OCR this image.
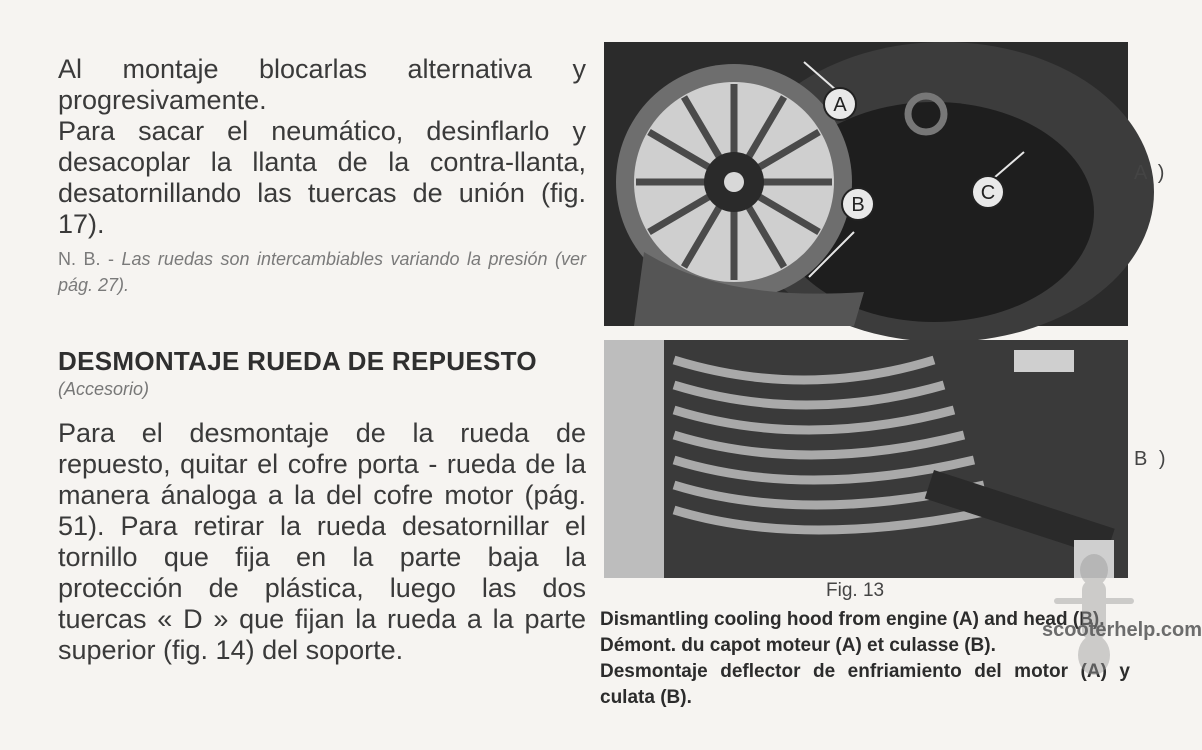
Al montaje blocarlas alternativa y progresivamente.

Para sacar el neumático, desinflarlo y desacoplar la llanta de la contra-llanta, desatornillando las tuercas de unión (fig. 17).

N. B. - Las ruedas son intercambiables variando la presión (ver pág. 27).

DESMONTAJE RUEDA DE REPUESTO
(Accesorio)

Para el desmontaje de la rueda de repuesto, quitar el cofre porta - rueda de la manera ánaloga a la del cofre motor (pág. 51). Para retirar la rueda desatornillar el tornillo que fija en la parte baja la protección de plástica, luego las dos tuercas « D » que fijan la rueda a la parte superior (fig. 14) del soporte.

A
B
C
A )
B )
Fig. 13

Dismantling cooling hood from engine (A) and head (B).

Démont. du capot moteur (A) et culasse (B).

Desmontaje deflector de enfriamiento del motor (A) y culata (B).

scooterhelp.com
